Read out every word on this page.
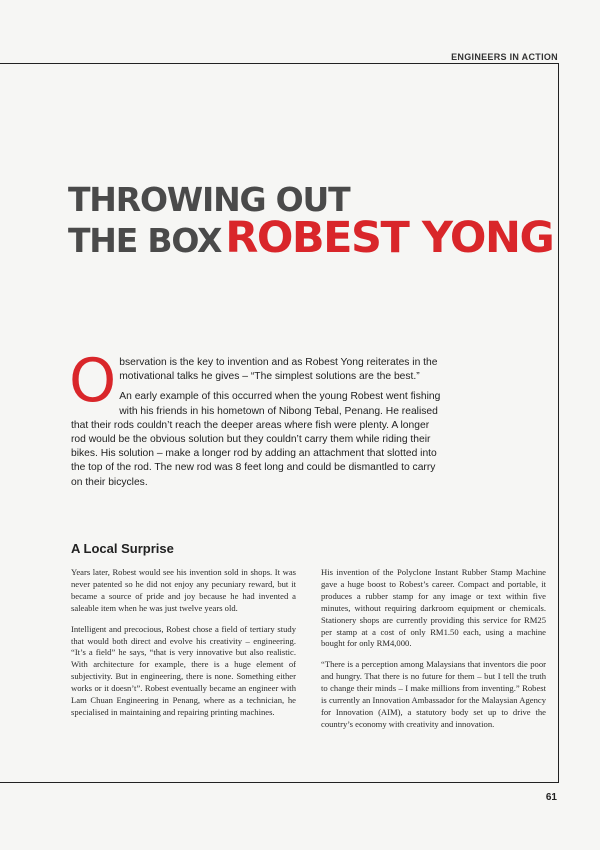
ENGINEERS IN ACTION
THROWING OUT
THE BOXROBEST YONG

Observation is the key to invention and as Robest Yong reiterates in the motivational talks he gives – “The simplest solutions are the best.”

An early example of this occurred when the young Robest went fishing with his friends in his hometown of Nibong Tebal, Penang. He realised that their rods couldn’t reach the deeper areas where fish were plenty. A longer rod would be the obvious solution but they couldn’t carry them while riding their bikes. His solution – make a longer rod by adding an attachment that slotted into the top of the rod. The new rod was 8 feet long and could be dismantled to carry on their bicycles.

A Local Surprise

Years later, Robest would see his invention sold in shops. It was never patented so he did not enjoy any pecuniary reward, but it became a source of pride and joy because he had invented a saleable item when he was just twelve years old.

Intelligent and precocious, Robest chose a field of tertiary study that would both direct and evolve his creativity – engineering. “It’s a field” he says, “that is very innovative but also realistic. With architecture for example, there is a huge element of subjectivity. But in engineering, there is none. Something either works or it doesn’t”. Robest eventually became an engineer with Lam Chuan Engineering in Penang, where as a technician, he specialised in maintaining and repairing printing machines.

His invention of the Polyclone Instant Rubber Stamp Machine gave a huge boost to Robest’s career. Compact and portable, it produces a rubber stamp for any image or text within five minutes, without requiring darkroom equipment or chemicals. Stationery shops are currently providing this service for RM25 per stamp at a cost of only RM1.50 each, using a machine bought for only RM4,000.

“There is a perception among Malaysians that inventors die poor and hungry. That there is no future for them – but I tell the truth to change their minds – I make millions from inventing.” Robest is currently an Innovation Ambassador for the Malaysian Agency for Innovation (AIM), a statutory body set up to drive the country’s economy with creativity and innovation.

61
